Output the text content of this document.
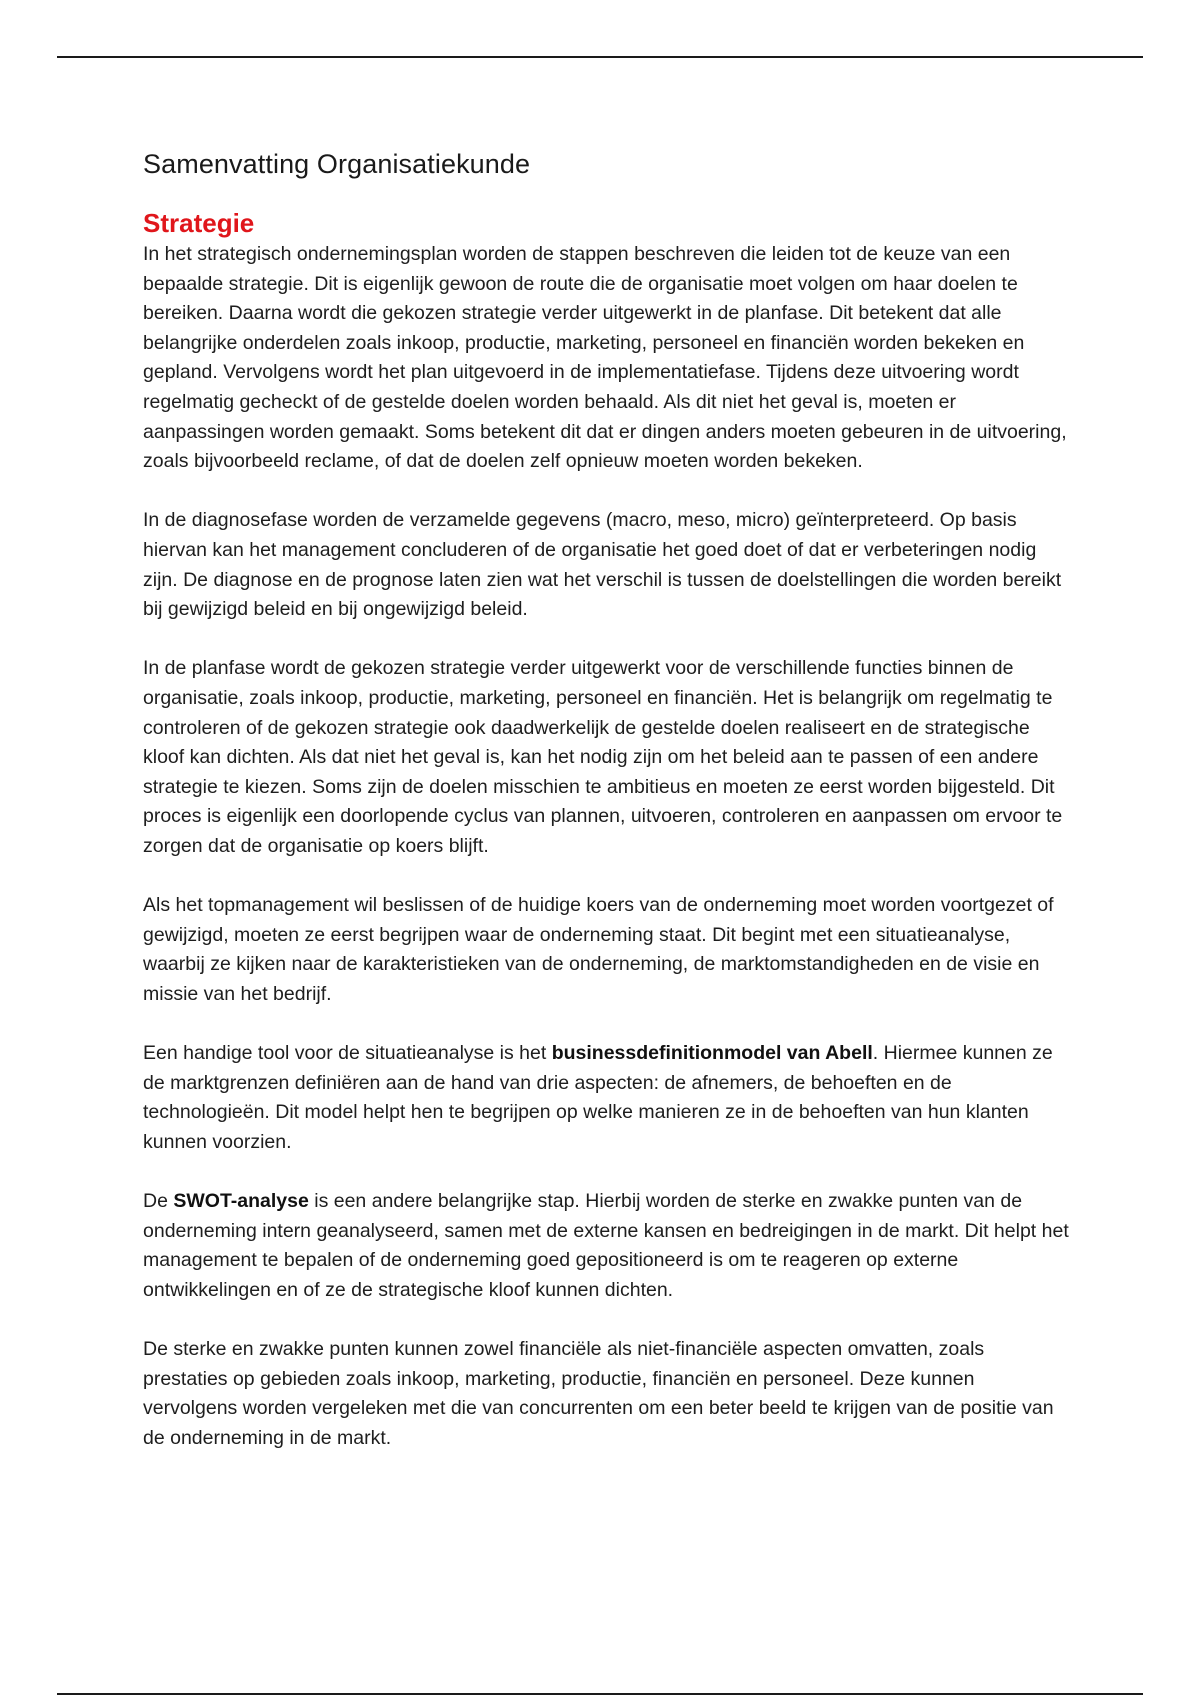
Samenvatting Organisatiekunde
Strategie

In het strategisch ondernemingsplan worden de stappen beschreven die leiden tot de keuze van een bepaalde strategie. Dit is eigenlijk gewoon de route die de organisatie moet volgen om haar doelen te bereiken. Daarna wordt die gekozen strategie verder uitgewerkt in de planfase. Dit betekent dat alle belangrijke onderdelen zoals inkoop, productie, marketing, personeel en financiën worden bekeken en gepland. Vervolgens wordt het plan uitgevoerd in de implementatiefase. Tijdens deze uitvoering wordt regelmatig gecheckt of de gestelde doelen worden behaald. Als dit niet het geval is, moeten er aanpassingen worden gemaakt. Soms betekent dit dat er dingen anders moeten gebeuren in de uitvoering, zoals bijvoorbeeld reclame, of dat de doelen zelf opnieuw moeten worden bekeken.

In de diagnosefase worden de verzamelde gegevens (macro, meso, micro) geïnterpreteerd. Op basis hiervan kan het management concluderen of de organisatie het goed doet of dat er verbeteringen nodig zijn. De diagnose en de prognose laten zien wat het verschil is tussen de doelstellingen die worden bereikt bij gewijzigd beleid en bij ongewijzigd beleid.

In de planfase wordt de gekozen strategie verder uitgewerkt voor de verschillende functies binnen de organisatie, zoals inkoop, productie, marketing, personeel en financiën. Het is belangrijk om regelmatig te controleren of de gekozen strategie ook daadwerkelijk de gestelde doelen realiseert en de strategische kloof kan dichten. Als dat niet het geval is, kan het nodig zijn om het beleid aan te passen of een andere strategie te kiezen. Soms zijn de doelen misschien te ambitieus en moeten ze eerst worden bijgesteld. Dit proces is eigenlijk een doorlopende cyclus van plannen, uitvoeren, controleren en aanpassen om ervoor te zorgen dat de organisatie op koers blijft.

Als het topmanagement wil beslissen of de huidige koers van de onderneming moet worden voortgezet of gewijzigd, moeten ze eerst begrijpen waar de onderneming staat. Dit begint met een situatieanalyse, waarbij ze kijken naar de karakteristieken van de onderneming, de marktomstandigheden en de visie en missie van het bedrijf.

Een handige tool voor de situatieanalyse is het businessdefinitionmodel van Abell. Hiermee kunnen ze de marktgrenzen definiëren aan de hand van drie aspecten: de afnemers, de behoeften en de technologieën. Dit model helpt hen te begrijpen op welke manieren ze in de behoeften van hun klanten kunnen voorzien.

De SWOT-analyse is een andere belangrijke stap. Hierbij worden de sterke en zwakke punten van de onderneming intern geanalyseerd, samen met de externe kansen en bedreigingen in de markt. Dit helpt het management te bepalen of de onderneming goed gepositioneerd is om te reageren op externe ontwikkelingen en of ze de strategische kloof kunnen dichten.

De sterke en zwakke punten kunnen zowel financiële als niet-financiële aspecten omvatten, zoals prestaties op gebieden zoals inkoop, marketing, productie, financiën en personeel. Deze kunnen vervolgens worden vergeleken met die van concurrenten om een beter beeld te krijgen van de positie van de onderneming in de markt.
